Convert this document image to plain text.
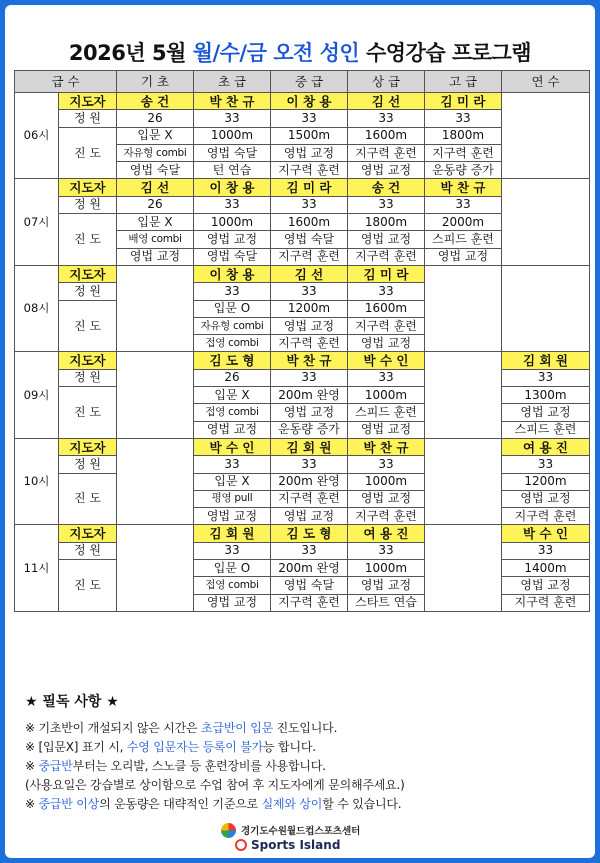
2026년 5월 월/수/금 오전 성인 수영강습 프로그램
급 수		기 초	초 급	중 급	상 급	고 급	연 수
06시	지도자	송 건	박 찬 규	이 창 용	김 선	김 미 라	
	정 원	26	33	33	33	33	
	진 도	입문 X	1000m	1500m	1600m	1800m	
		자유형 combi	영법 숙달	영법 교정	지구력 훈련	지구력 훈련	
		영법 숙달	턴 연습	지구력 훈련	영법 교정	운동량 증가	
07시	지도자	김 선	이 창 용	김 미 라	송 건	박 찬 규	
	정 원	26	33	33	33	33	
	진 도	입문 X	1000m	1600m	1800m	2000m	
		배영 combi	영법 교정	영법 숙달	영법 교정	스피드 훈련	
		영법 교정	영법 숙달	지구력 훈련	지구력 훈련	영법 교정	
08시	지도자		이 창 용	김 선	김 미 라		
	정 원		33	33	33		
	진 도		입문 O	1200m	1600m		
			자유형 combi	영법 교정	지구력 훈련		
			접영 combi	지구력 훈련	영법 교정		
09시	지도자		김 도 형	박 찬 규	박 수 인		김 회 원
	정 원		26	33	33		33
	진 도		입문 X	200m 완영	1000m		1300m
			접영 combi	영법 교정	스피드 훈련		영법 교정
			영법 교정	운동량 증가	영법 교정		스피드 훈련
10시	지도자		박 수 인	김 회 원	박 찬 규		여 용 진
	정 원		33	33	33		33
	진 도		입문 X	200m 완영	1000m		1200m
			평영 pull	지구력 훈련	영법 교정		영법 교정
			영법 교정	영법 교정	지구력 훈련		지구력 훈련
11시	지도자		김 회 원	김 도 형	여 용 진		박 수 인
	정 원		33	33	33		33
	진 도		입문 O	200m 완영	1000m		1400m
			접영 combi	영법 숙달	영법 교정		영법 교정
			영법 교정	지구력 훈련	스타트 연습		지구력 훈련
★ 필독 사항 ★
※ 기초반이 개설되지 않은 시간은 초급반이 입문 진도입니다.
※ [입문X] 표기 시, 수영 입문자는 등록이 불가능 합니다.
※ 중급반부터는 오리발, 스노클 등 훈련장비를 사용합니다.
(사용요일은 강습별로 상이함으로 수업 참여 후 지도자에게 문의해주세요.)
※ 중급반 이상의 운동량은 대략적인 기준으로 실제와 상이할 수 있습니다.
경기도수원월드컵스포츠센터
Sports Island
